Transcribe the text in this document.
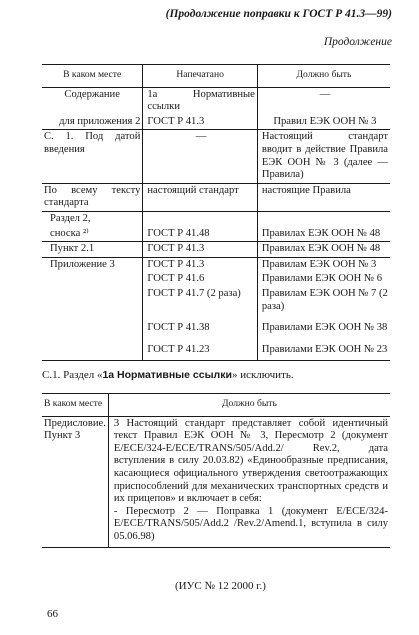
(Продолжение поправки к ГОСТ Р 41.3—99)
Продолжение
В каком месте	Напечатано	Должно быть
Содержание	1а Нормативные ссылки	—
для приложения 2	ГОСТ Р 41.3	Правил ЕЭК ООН № 3
С. 1. Под датой введения	—	Настоящий стандарт вводит в действие Правила ЕЭК ООН № 3 (далее — Правила)
По всему тексту стандарта	настоящий стандарт	настоящие Правила
Раздел 2,		
сноска ²⁾	ГОСТ Р 41.48	Правилах ЕЭК ООН № 48
Пункт 2.1	ГОСТ Р 41.3	Правилах ЕЭК ООН № 48
Приложение 3	ГОСТ Р 41.3	Правилам ЕЭК ООН № 3
	ГОСТ Р 41.6	Правилами ЕЭК ООН № 6
	ГОСТ Р 41.7 (2 раза)	Правилам ЕЭК ООН № 7 (2 раза)
	ГОСТ Р 41.38	Правилами ЕЭК ООН № 38
	ГОСТ Р 41.23	Правилами ЕЭК ООН № 23
С.1. Раздел «1а Нормативные ссылки» исключить.
В каком месте	Должно быть
Предисловие. Пункт 3	3 Настоящий стандарт представляет собой идентичный текст Правил ЕЭК ООН № 3, Пересмотр 2 (документ E/ECE/324-E/ECE/TRANS/505/Add.2/ Rev.2, дата вступления в силу 20.03.82) «Единообразные предписания, касающиеся официального утверждения светоотражающих приспособлений для механических транспортных средств и их прицепов» и включает в себя:
- Пересмотр 2 — Поправка 1 (документ E/ECE/324-E/ECE/TRANS/505/Add.2 /Rev.2/Amend.1, вступила в силу 05.06.98)
(ИУС № 12 2000 г.)
66
